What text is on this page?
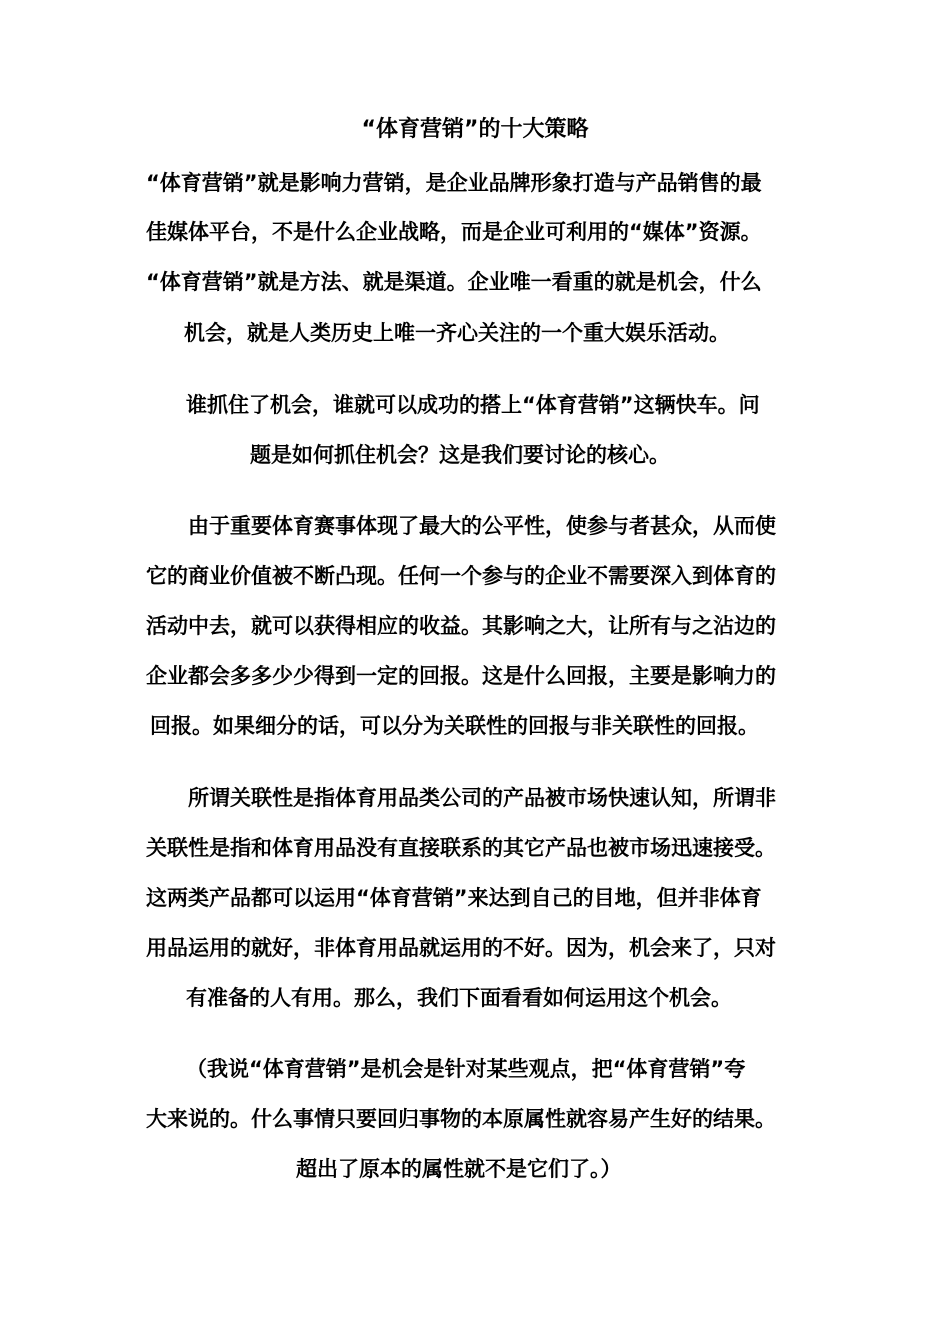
“体育营销”的十大策略
“体育营销”就是影响力营销，是企业品牌形象打造与产品销售的最
佳媒体平台，不是什么企业战略，而是企业可利用的“媒体”资源。
“体育营销”就是方法、就是渠道。企业唯一看重的就是机会，什么
机会，就是人类历史上唯一齐心关注的一个重大娱乐活动。
谁抓住了机会，谁就可以成功的搭上“体育营销”这辆快车。问
题是如何抓住机会？这是我们要讨论的核心。
由于重要体育赛事体现了最大的公平性，使参与者甚众，从而使
它的商业价值被不断凸现。任何一个参与的企业不需要深入到体育的
活动中去，就可以获得相应的收益。其影响之大，让所有与之沾边的
企业都会多多少少得到一定的回报。这是什么回报，主要是影响力的
回报。如果细分的话，可以分为关联性的回报与非关联性的回报。
所谓关联性是指体育用品类公司的产品被市场快速认知，所谓非
关联性是指和体育用品没有直接联系的其它产品也被市场迅速接受。
这两类产品都可以运用“体育营销”来达到自己的目地，但并非体育
用品运用的就好，非体育用品就运用的不好。因为，机会来了，只对
有准备的人有用。那么，我们下面看看如何运用这个机会。
（我说“体育营销”是机会是针对某些观点，把“体育营销”夸
大来说的。什么事情只要回归事物的本原属性就容易产生好的结果。
超出了原本的属性就不是它们了。）
